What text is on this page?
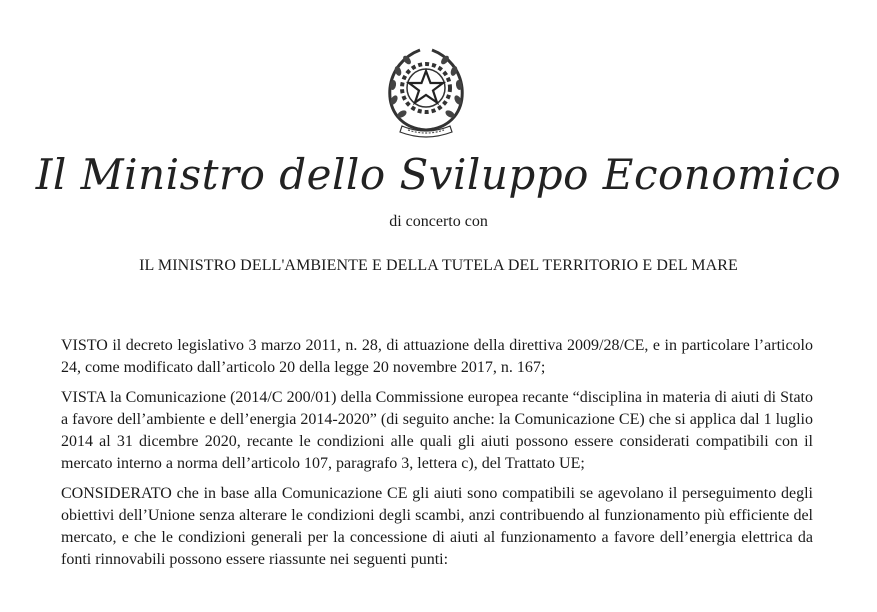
Il Ministro dello Sviluppo Economico
di concerto con
IL MINISTRO DELL'AMBIENTE E DELLA TUTELA DEL TERRITORIO E DEL MARE

VISTO il decreto legislativo 3 marzo 2011, n. 28, di attuazione della direttiva 2009/28/CE, e in particolare l’articolo 24, come modificato dall’articolo 20 della legge 20 novembre 2017, n. 167;

VISTA la Comunicazione (2014/C 200/01) della Commissione europea recante “disciplina in materia di aiuti di Stato a favore dell’ambiente e dell’energia 2014-2020” (di seguito anche: la Comunicazione CE) che si applica dal 1 luglio 2014 al 31 dicembre 2020, recante le condizioni alle quali gli aiuti possono essere considerati compatibili con il mercato interno a norma dell’articolo 107, paragrafo 3, lettera c), del Trattato UE;

CONSIDERATO che in base alla Comunicazione CE gli aiuti sono compatibili se agevolano il perseguimento degli obiettivi dell’Unione senza alterare le condizioni degli scambi, anzi contribuendo al funzionamento più efficiente del mercato, e che le condizioni generali per la concessione di aiuti al funzionamento a favore dell’energia elettrica da fonti rinnovabili possono essere riassunte nei seguenti punti:
